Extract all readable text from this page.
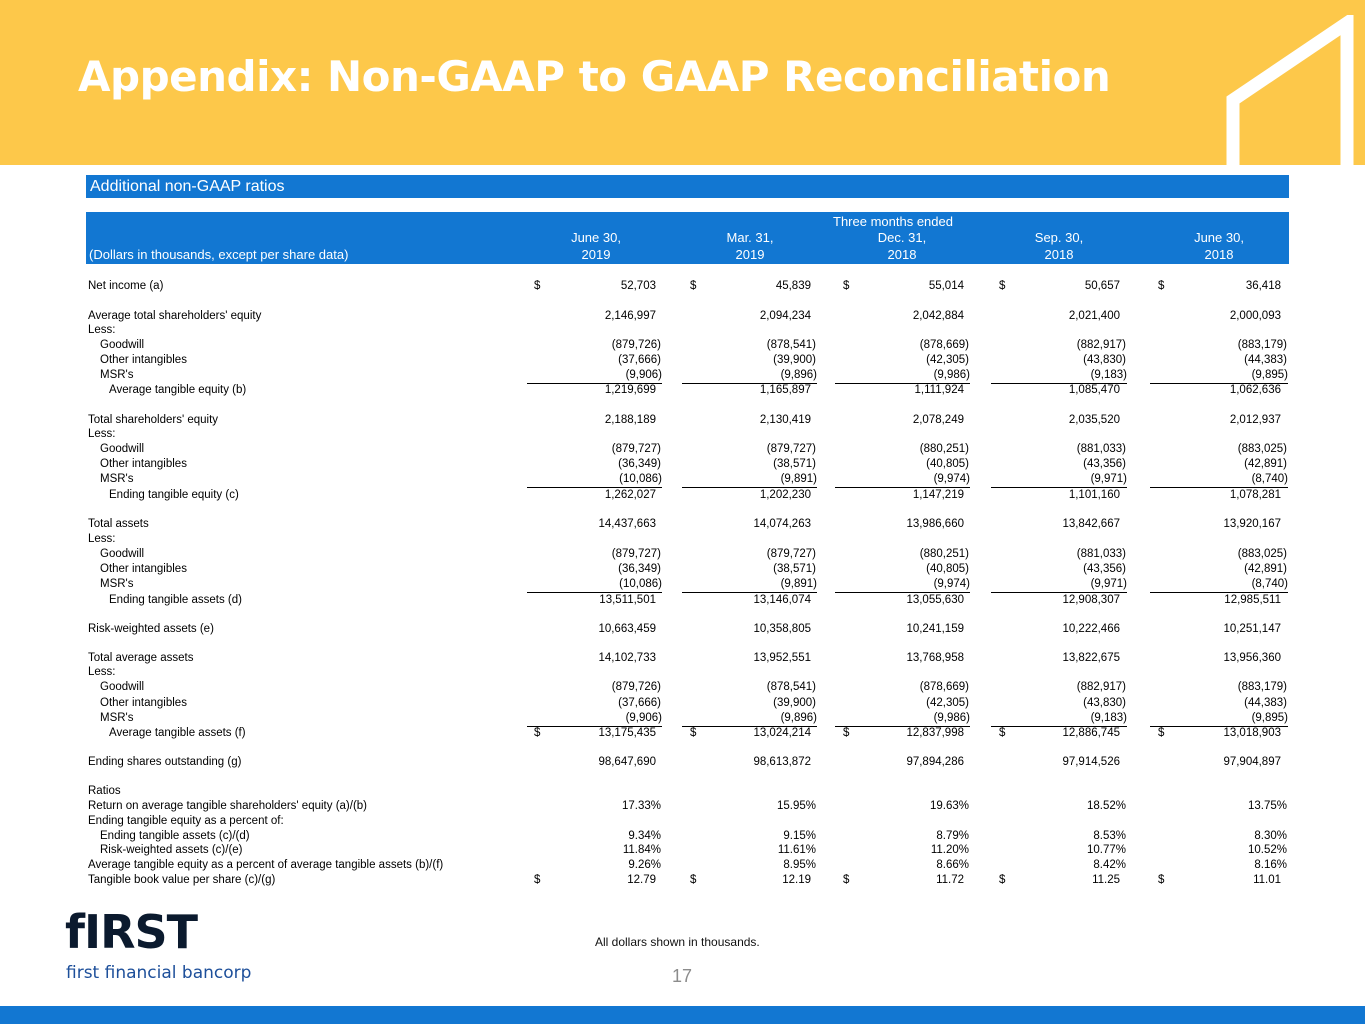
Appendix: Non-GAAP to GAAP Reconciliation
Additional non-GAAP ratios
Three months ended
(Dollars in thousands, except per share data)
June 30,
2019
Mar. 31,
2019
Dec. 31,
2018
Sep. 30,
2018
June 30,
2018
Net income (a)	$	52,703	$	45,839	$	55,014	$	50,657	$	36,418
Average total shareholders' equity	2,146,997	2,094,234	2,042,884	2,021,400	2,000,093
Less:
Goodwill	(879,726)	(878,541)	(878,669)	(882,917)	(883,179)
Other intangibles	(37,666)	(39,900)	(42,305)	(43,830)	(44,383)
MSR's	(9,906)	(9,896)	(9,986)	(9,183)	(9,895)
Average tangible equity (b)	1,219,699	1,165,897	1,111,924	1,085,470	1,062,636
Total shareholders' equity	2,188,189	2,130,419	2,078,249	2,035,520	2,012,937
Less:
Goodwill	(879,727)	(879,727)	(880,251)	(881,033)	(883,025)
Other intangibles	(36,349)	(38,571)	(40,805)	(43,356)	(42,891)
MSR's	(10,086)	(9,891)	(9,974)	(9,971)	(8,740)
Ending tangible equity (c)	1,262,027	1,202,230	1,147,219	1,101,160	1,078,281
Total assets	14,437,663	14,074,263	13,986,660	13,842,667	13,920,167
Less:
Goodwill	(879,727)	(879,727)	(880,251)	(881,033)	(883,025)
Other intangibles	(36,349)	(38,571)	(40,805)	(43,356)	(42,891)
MSR's	(10,086)	(9,891)	(9,974)	(9,971)	(8,740)
Ending tangible assets (d)	13,511,501	13,146,074	13,055,630	12,908,307	12,985,511
Risk-weighted assets (e)	10,663,459	10,358,805	10,241,159	10,222,466	10,251,147
Total average assets	14,102,733	13,952,551	13,768,958	13,822,675	13,956,360
Less:
Goodwill	(879,726)	(878,541)	(878,669)	(882,917)	(883,179)
Other intangibles	(37,666)	(39,900)	(42,305)	(43,830)	(44,383)
MSR's	(9,906)	(9,896)	(9,986)	(9,183)	(9,895)
Average tangible assets (f)	$	13,175,435	$	13,024,214	$	12,837,998	$	12,886,745	$	13,018,903
Ending shares outstanding (g)	98,647,690	98,613,872	97,894,286	97,914,526	97,904,897
Ratios
Return on average tangible shareholders' equity (a)/(b)	17.33%	15.95%	19.63%	18.52%	13.75%
Ending tangible equity as a percent of:
Ending tangible assets (c)/(d)	9.34%	9.15%	8.79%	8.53%	8.30%
Risk-weighted assets (c)/(e)	11.84%	11.61%	11.20%	10.77%	10.52%
Average tangible equity as a percent of average tangible assets (b)/(f)	9.26%	8.95%	8.66%	8.42%	8.16%
Tangible book value per share (c)/(g)	$	12.79	$	12.19	$	11.72	$	11.25	$	11.01
fIRST
first financial bancorp
All dollars shown in thousands.
17
